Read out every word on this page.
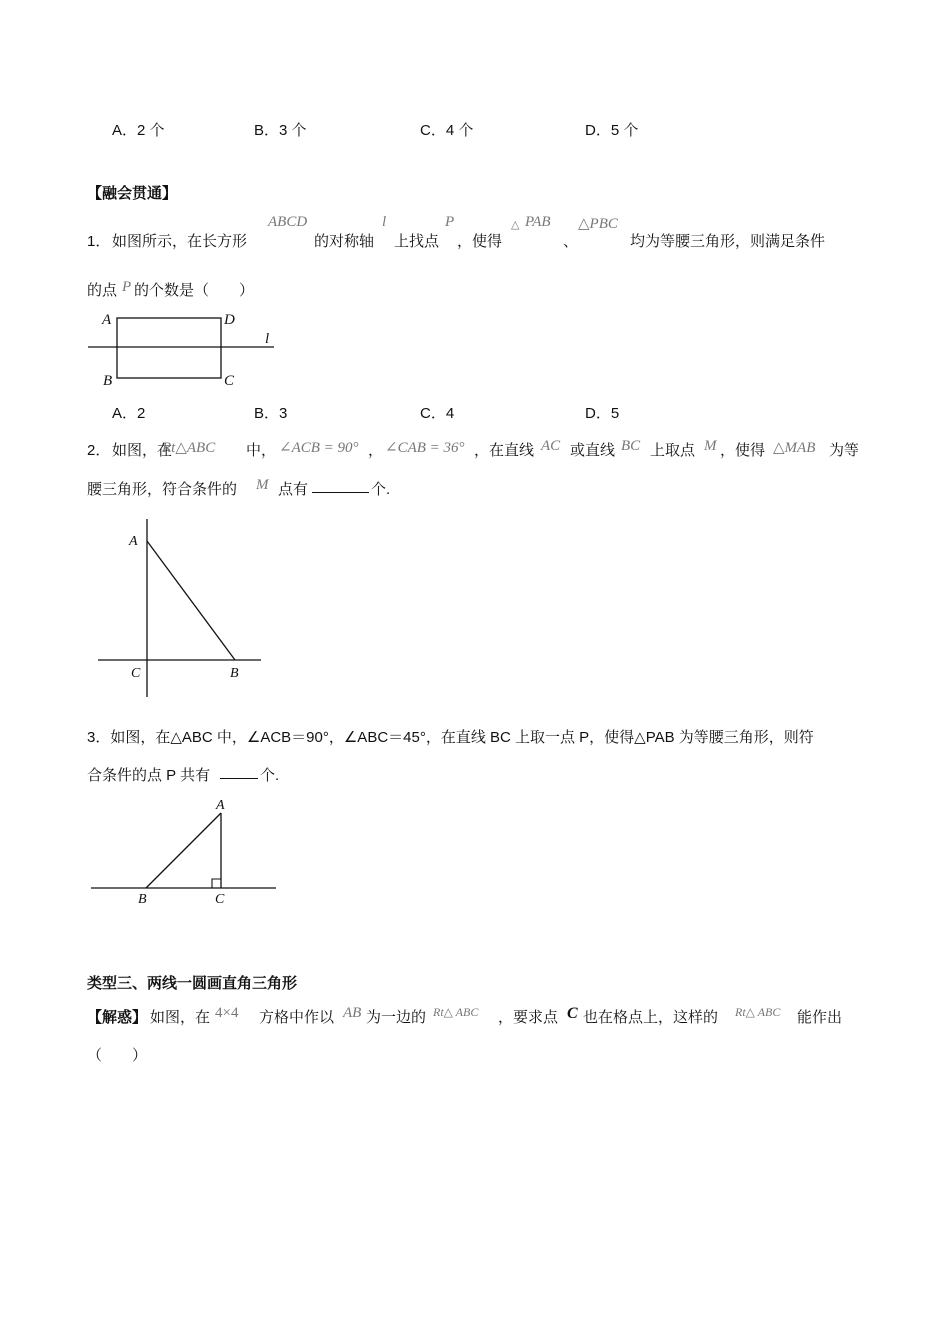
A．2 个	B．3 个	C．4 个	D．5 个
【融会贯通】
1． 如图所示，在长方形
ABCD
的对称轴
l
上找点
P
，使得
△ PAB
、
△PBC
均为等腰三角形，则满足条件
的点 P 的个数是（　　）
A	D
B	C
l
A．2	B．3	C．4	D．5
2． 如图，在
Rt△ABC 中， ∠ACB = 90° ， ∠CAB = 36° ，在直线 AC 或直线 BC 上取点 M ，使得 △MAB 为等
腰三角形，符合条件的 M 点有	个.
A
C	B
3．如图，在△ABC 中，∠ACB＝90°，∠ABC＝45°，在直线 BC 上取一点 P，使得△PAB 为等腰三角形，则符
合条件的点 P 共有	个.
A
B	C
类型三、两线一圆画直角三角形
【解惑】 如图，在 4×4 方格中作以 AB 为一边的 Rt△ ABC ，要求点 C 也在格点上，这样的 Rt△ ABC 能作出
（　　）
